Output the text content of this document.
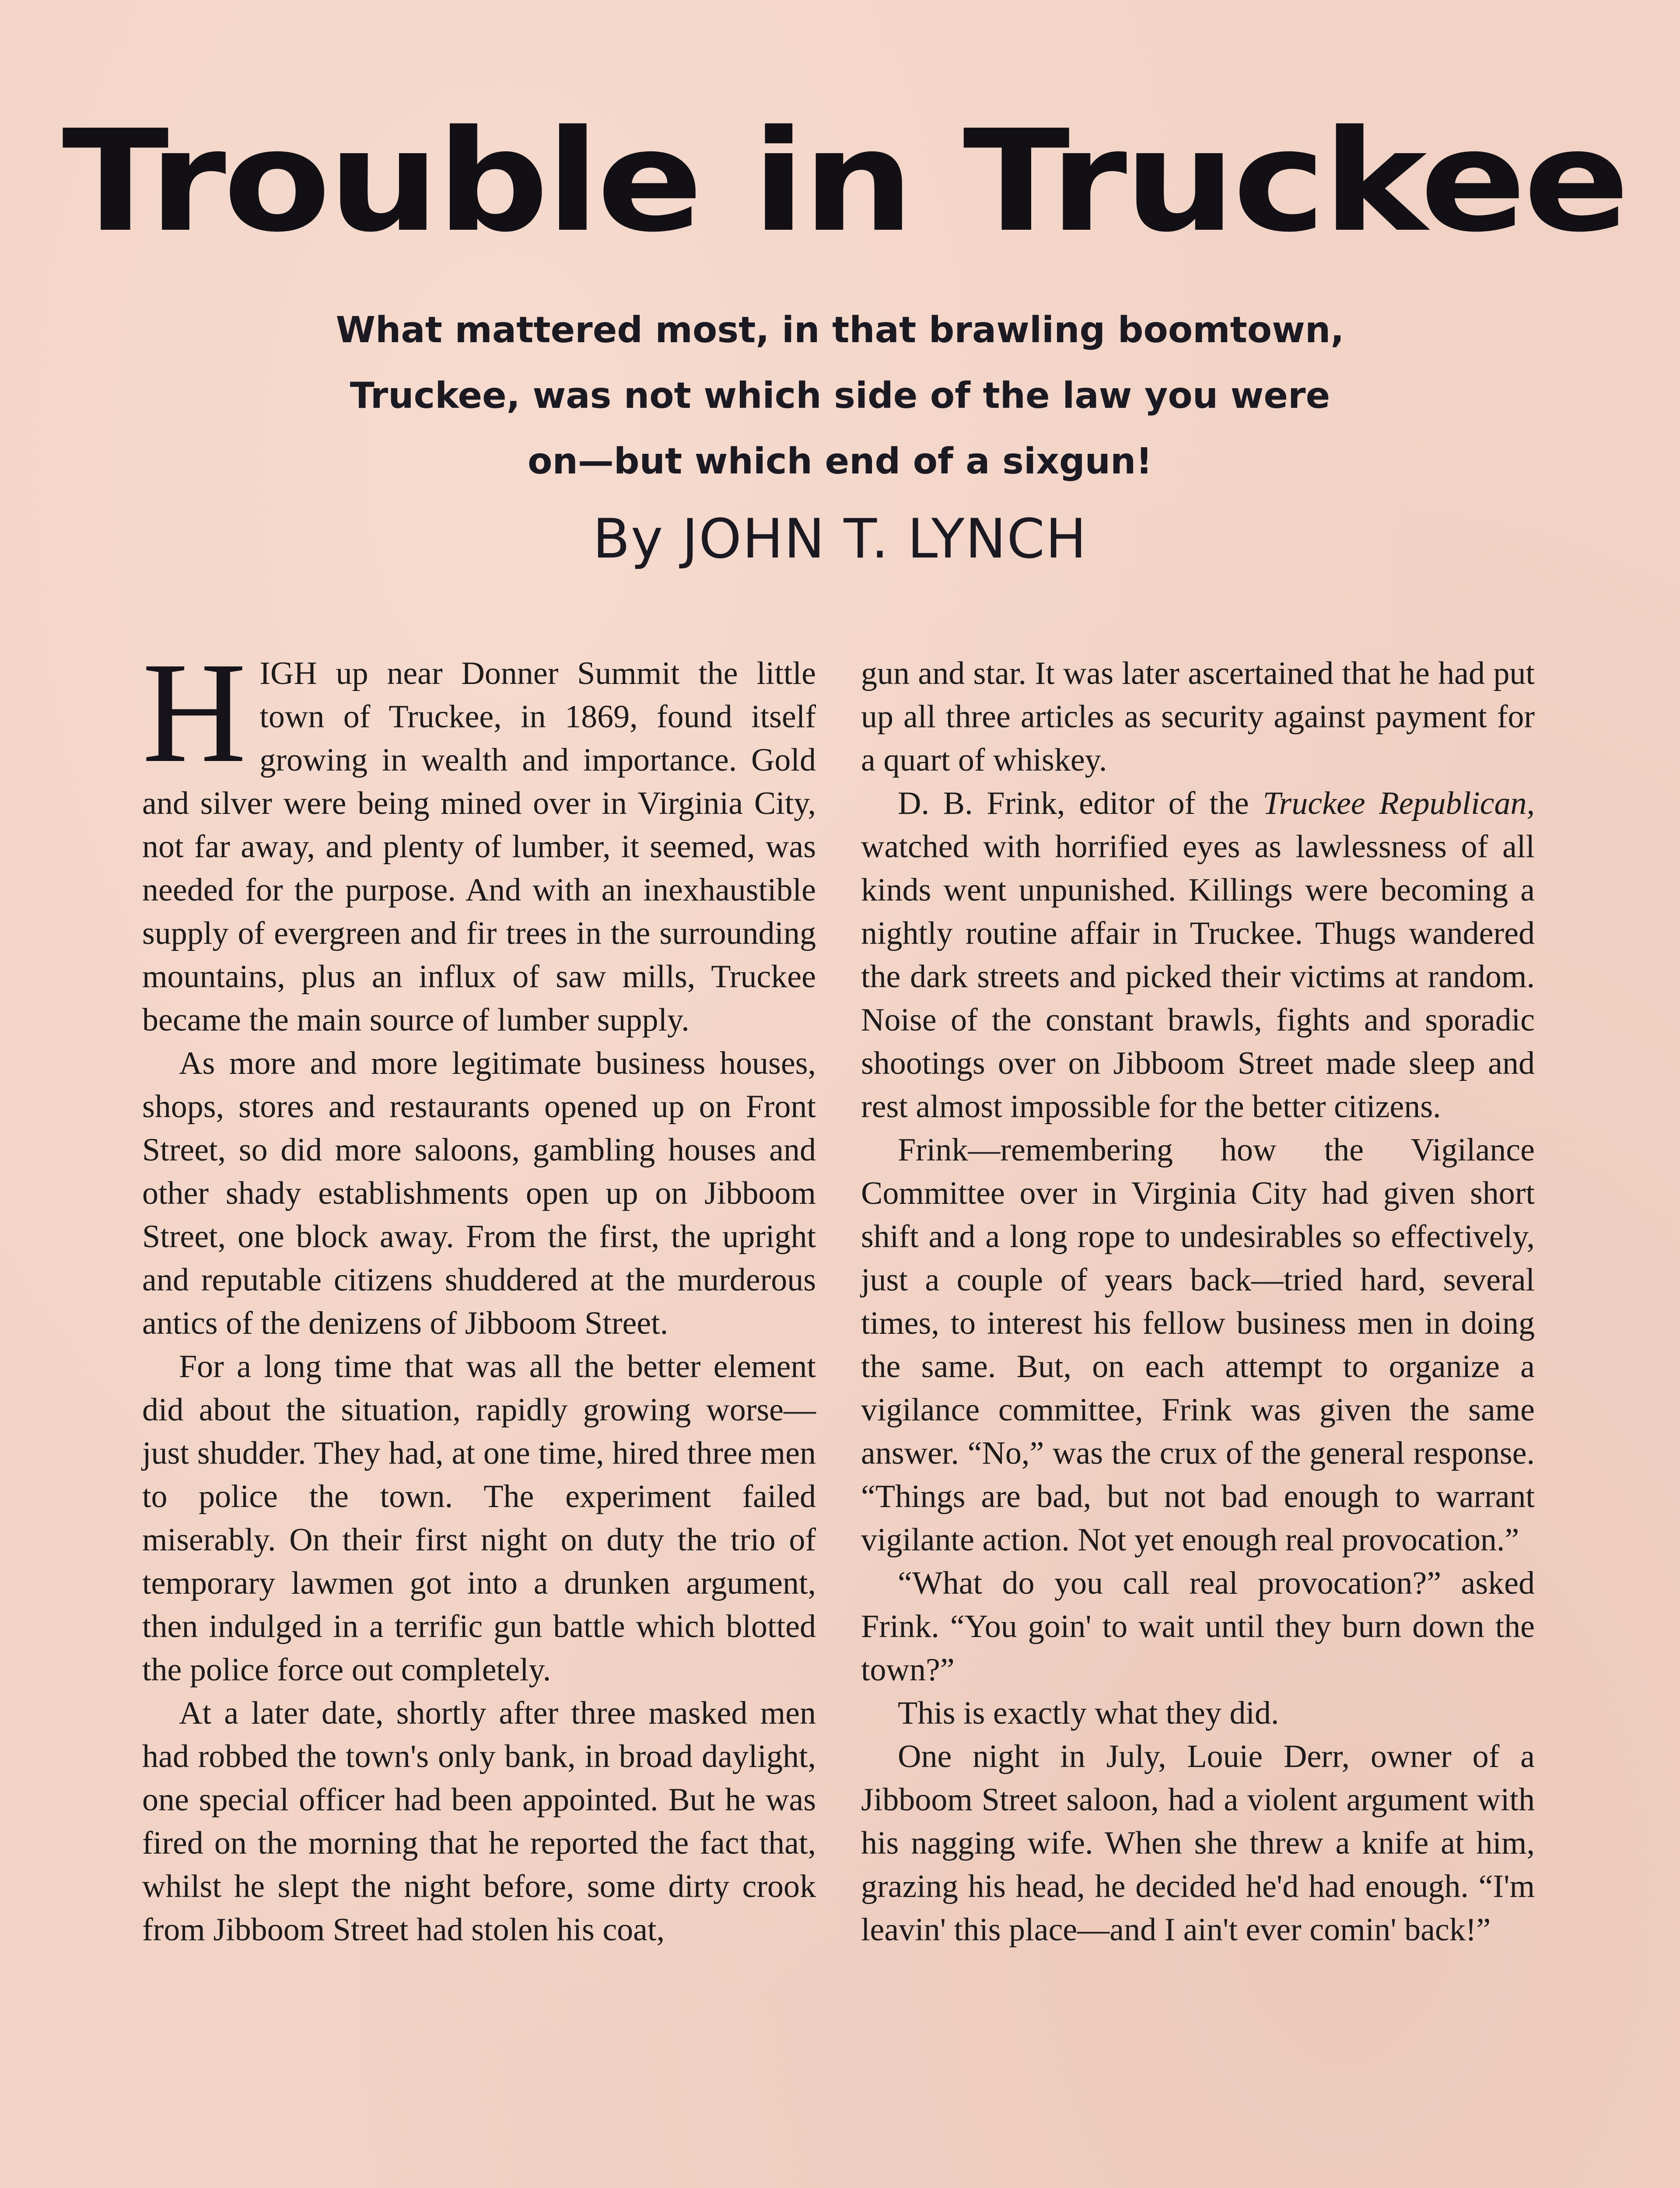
Trouble in Truckee
What mattered most, in that brawling boomtown, Truckee, was not which side of the law you were on—but which end of a sixgun!
By JOHN T. LYNCH

HIGH up near Donner Summit the little town of Truckee, in 1869, found itself growing in wealth and importance. Gold and silver were being mined over in Virginia City, not far away, and plenty of lumber, it seemed, was needed for the purpose. And with an inexhaustible supply of evergreen and fir trees in the surrounding mountains, plus an influx of saw mills, Truckee became the main source of lumber supply.

As more and more legitimate business houses, shops, stores and restaurants opened up on Front Street, so did more saloons, gambling houses and other shady establishments open up on Jibboom Street, one block away. From the first, the upright and reputable citizens shuddered at the murderous antics of the denizens of Jibboom Street.

For a long time that was all the better element did about the situation, rapidly growing worse—just shudder. They had, at one time, hired three men to police the town. The experiment failed miserably. On their first night on duty the trio of temporary lawmen got into a drunken argument, then indulged in a terrific gun battle which blotted the police force out completely.

At a later date, shortly after three masked men had robbed the town's only bank, in broad daylight, one special officer had been appointed. But he was fired on the morning that he reported the fact that, whilst he slept the night before, some dirty crook from Jibboom Street had stolen his coat,

gun and star. It was later ascertained that he had put up all three articles as security against payment for a quart of whiskey.

D. B. Frink, editor of the Truckee Republican, watched with horrified eyes as lawlessness of all kinds went unpunished. Killings were becoming a nightly routine affair in Truckee. Thugs wandered the dark streets and picked their victims at random. Noise of the constant brawls, fights and sporadic shootings over on Jibboom Street made sleep and rest almost impossible for the better citizens.

Frink—remembering how the Vigilance Committee over in Virginia City had given short shift and a long rope to undesirables so effectively, just a couple of years back—tried hard, several times, to interest his fellow business men in doing the same. But, on each attempt to organize a vigilance committee, Frink was given the same answer. “No,” was the crux of the general response. “Things are bad, but not bad enough to warrant vigilante action. Not yet enough real provocation.”

“What do you call real provocation?” asked Frink. “You goin' to wait until they burn down the town?”

This is exactly what they did.

One night in July, Louie Derr, owner of a Jibboom Street saloon, had a violent argument with his nagging wife. When she threw a knife at him, grazing his head, he decided he'd had enough. “I'm leavin' this place—and I ain't ever comin' back!”
